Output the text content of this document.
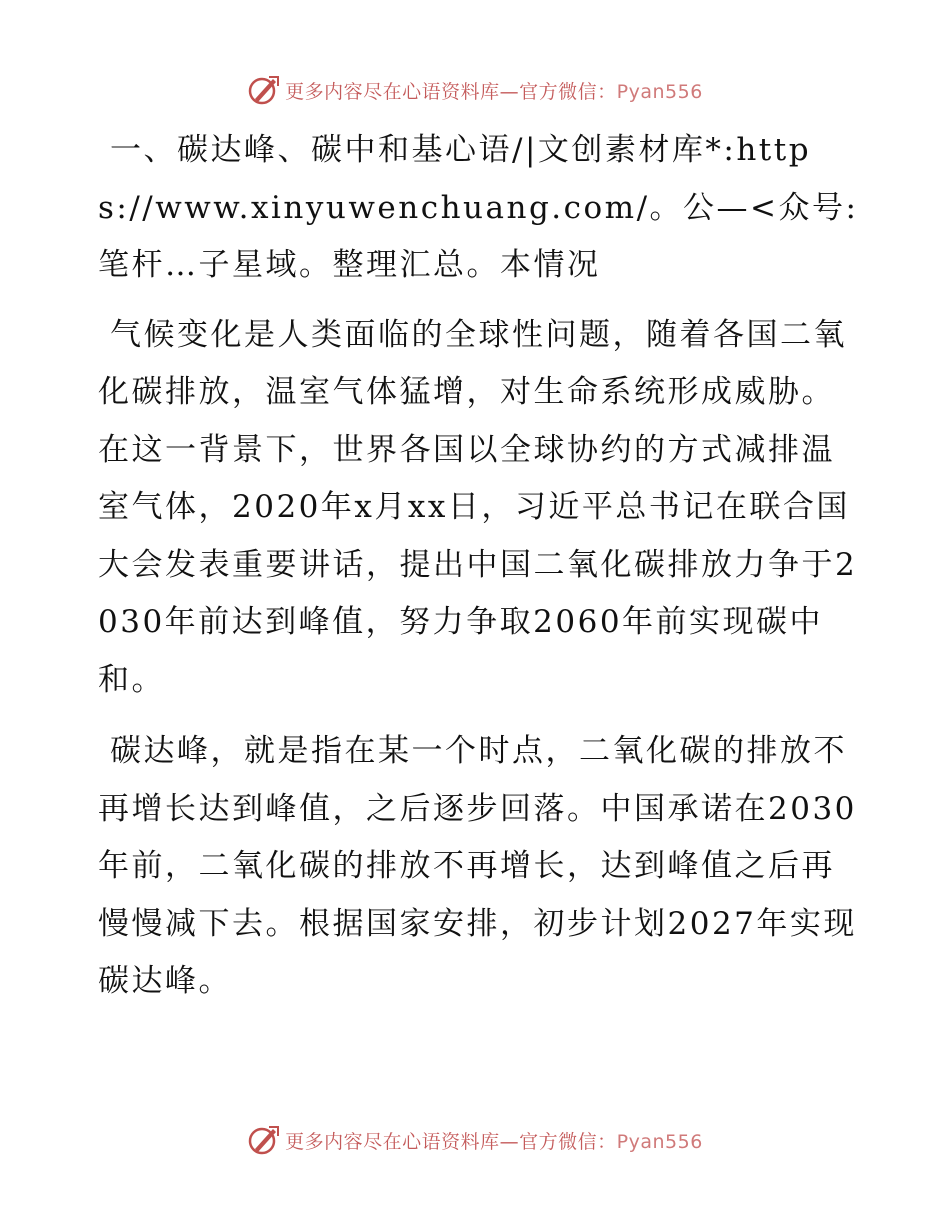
更多内容尽在心语资料库—官方微信：Pyan556

一、碳达峰、碳中和基心语/|文创素材库*:https://www.xinyuwenchuang.com/。公—<众号:笔杆…子星域。整理汇总。本情况

气候变化是人类面临的全球性问题，随着各国二氧化碳排放，温室气体猛增，对生命系统形成威胁。在这一背景下，世界各国以全球协约的方式减排温室气体，2020年x月xx日，习近平总书记在联合国大会发表重要讲话，提出中国二氧化碳排放力争于2030年前达到峰值，努力争取2060年前实现碳中和。

碳达峰，就是指在某一个时点，二氧化碳的排放不再增长达到峰值，之后逐步回落。中国承诺在2030年前，二氧化碳的排放不再增长，达到峰值之后再慢慢减下去。根据国家安排，初步计划2027年实现碳达峰。

更多内容尽在心语资料库—官方微信：Pyan556
